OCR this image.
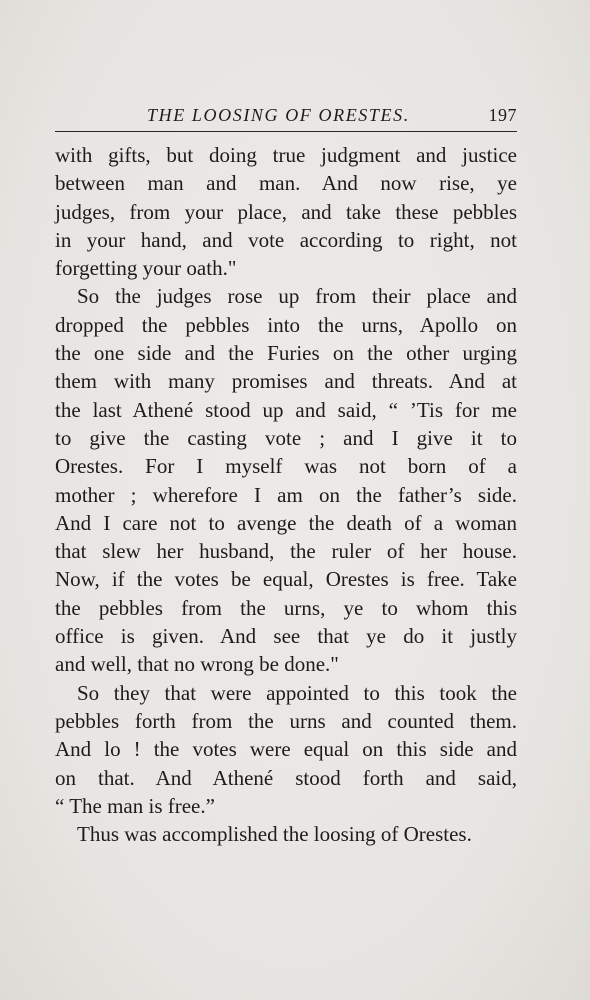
THE LOOSING OF ORESTES.	197
with gifts, but doing true judgment and justice
between man and man. And now rise, ye
judges, from your place, and take these pebbles
in your hand, and vote according to right, not
forgetting your oath."
So the judges rose up from their place and
dropped the pebbles into the urns, Apollo on
the one side and the Furies on the other urging
them with many promises and threats. And at
the last Athené stood up and said, “ ’Tis for me
to give the casting vote ; and I give it to
Orestes. For I myself was not born of a
mother ; wherefore I am on the father’s side.
And I care not to avenge the death of a woman
that slew her husband, the ruler of her house.
Now, if the votes be equal, Orestes is free. Take
the pebbles from the urns, ye to whom this
office is given. And see that ye do it justly
and well, that no wrong be done."
So they that were appointed to this took the
pebbles forth from the urns and counted them.
And lo ! the votes were equal on this side and
on that. And Athené stood forth and said,
“ The man is free.”
Thus was accomplished the loosing of Orestes.
